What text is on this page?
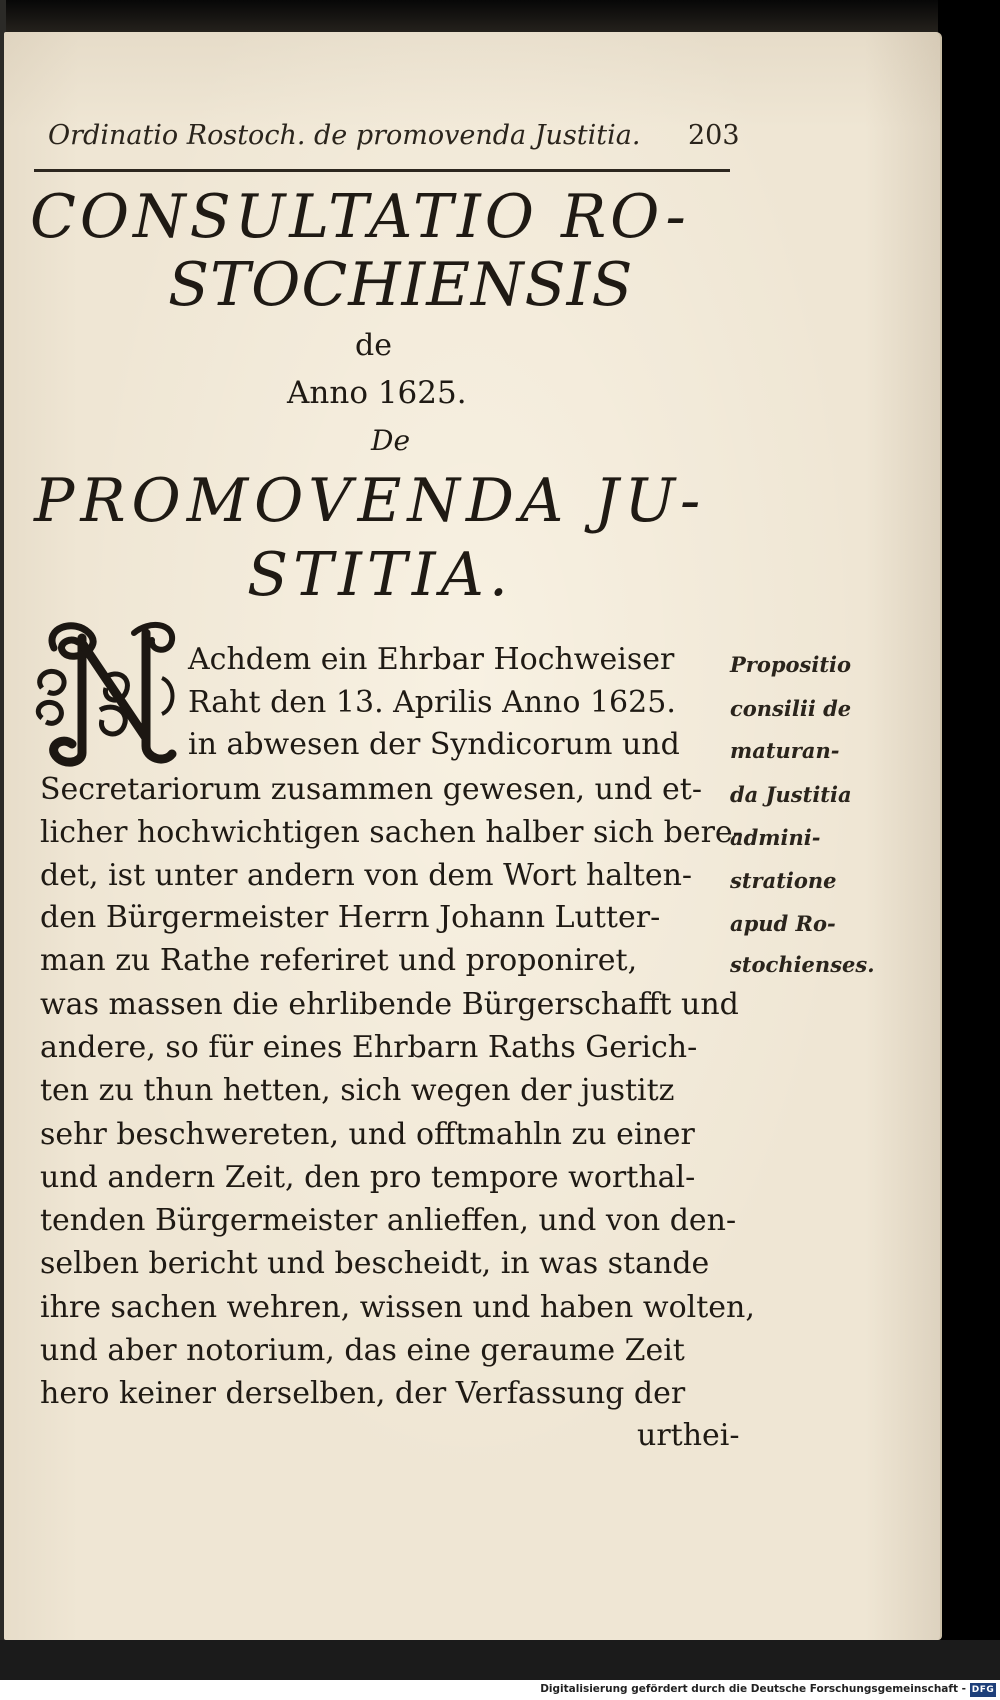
Ordinatio Rostoch. de promovenda Justitia. 203
CONSULTATIO RO-
STOCHIENSIS
de
Anno 1625.
De
PROMOVENDA JU-
STITIA.
Achdem ein Ehrbar Hochweiser
Raht den 13. Aprilis Anno 1625.
in abwesen der Syndicorum und
Secretariorum zusammen gewesen, und et-
licher hochwichtigen sachen halber sich bere-
det, ist unter andern von dem Wort halten-
den Bürgermeister Herrn Johann Lutter-
man zu Rathe referiret und proponiret,
was massen die ehrlibende Bürgerschafft und
andere, so für eines Ehrbarn Raths Gerich-
ten zu thun hetten, sich wegen der justitz
sehr beschwereten, und offtmahln zu einer
und andern Zeit, den pro tempore worthal-
tenden Bürgermeister anlieffen, und von den-
selben bericht und bescheidt, in was stande
ihre sachen wehren, wissen und haben wolten,
und aber notorium, das eine geraume Zeit
hero keiner derselben, der Verfassung der
urthei-
Propositio
consilii de
maturan-
da Justitia
admini-
stratione
apud Ro-
stochienses.
Digitalisierung gefördert durch die Deutsche Forschungsgemeinschaft - DFG
